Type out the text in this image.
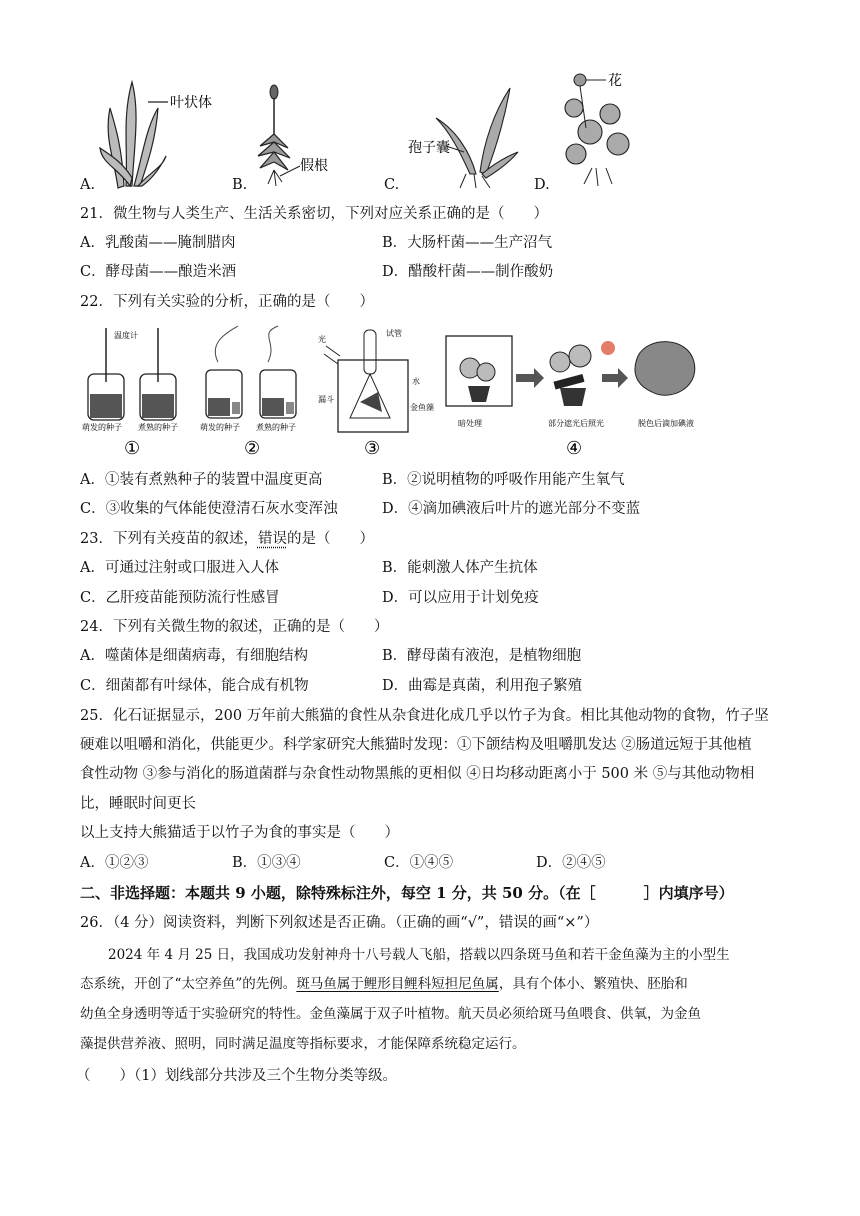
叶状体
A.
假根
B.
孢子囊
C.
花
D.
21．微生物与人类生产、生活关系密切，下列对应关系正确的是（　　）
A．乳酸菌——腌制腊肉	B．大肠杆菌——生产沼气
C．酵母菌——酿造米酒	D．醋酸杆菌——制作酸奶
22．下列有关实验的分析，正确的是（　　）
温度计
萌发的种子 煮熟的种子
①
萌发的种子 煮熟的种子
②
光
试管
水
漏斗
金鱼藻
③
暗处理	部分遮光后照光	脱色后滴加碘液
④
A．①装有煮熟种子的装置中温度更高	B．②说明植物的呼吸作用能产生氧气
C．③收集的气体能使澄清石灰水变浑浊	D．④滴加碘液后叶片的遮光部分不变蓝
23．下列有关疫苗的叙述，错误的是（　　）
A．可通过注射或口服进入人体	B．能刺激人体产生抗体
C．乙肝疫苗能预防流行性感冒	D．可以应用于计划免疫
24．下列有关微生物的叙述，正确的是（　　）
A．噬菌体是细菌病毒，有细胞结构	B．酵母菌有液泡，是植物细胞
C．细菌都有叶绿体，能合成有机物	D．曲霉是真菌，利用孢子繁殖
25．化石证据显示，200 万年前大熊猫的食性从杂食进化成几乎以竹子为食。相比其他动物的食物，竹子坚
硬难以咀嚼和消化，供能更少。科学家研究大熊猫时发现：①下颌结构及咀嚼肌发达 ②肠道远短于其他植
食性动物 ③参与消化的肠道菌群与杂食性动物黑熊的更相似 ④日均移动距离小于 500 米 ⑤与其他动物相
比，睡眠时间更长
以上支持大熊猫适于以竹子为食的事实是（　　）
A．①②③	B．①③④	C．①④⑤	D．②④⑤
二、非选择题：本题共 9 小题，除特殊标注外，每空 1 分，共 50 分。（在［	］内填序号）
26．（4 分）阅读资料，判断下列叙述是否正确。（正确的画“√”，错误的画“×”）
2024 年 4 月 25 日，我国成功发射神舟十八号载人飞船，搭载以四条斑马鱼和若干金鱼藻为主的小型生
态系统，开创了“太空养鱼”的先例。斑马鱼属于鲤形目鲤科短担尼鱼属，具有个体小、繁殖快、胚胎和
幼鱼全身透明等适于实验研究的特性。金鱼藻属于双子叶植物。航天员必须给斑马鱼喂食、供氧，为金鱼
藻提供营养液、照明，同时满足温度等指标要求，才能保障系统稳定运行。
（　　）（1）划线部分共涉及三个生物分类等级。
